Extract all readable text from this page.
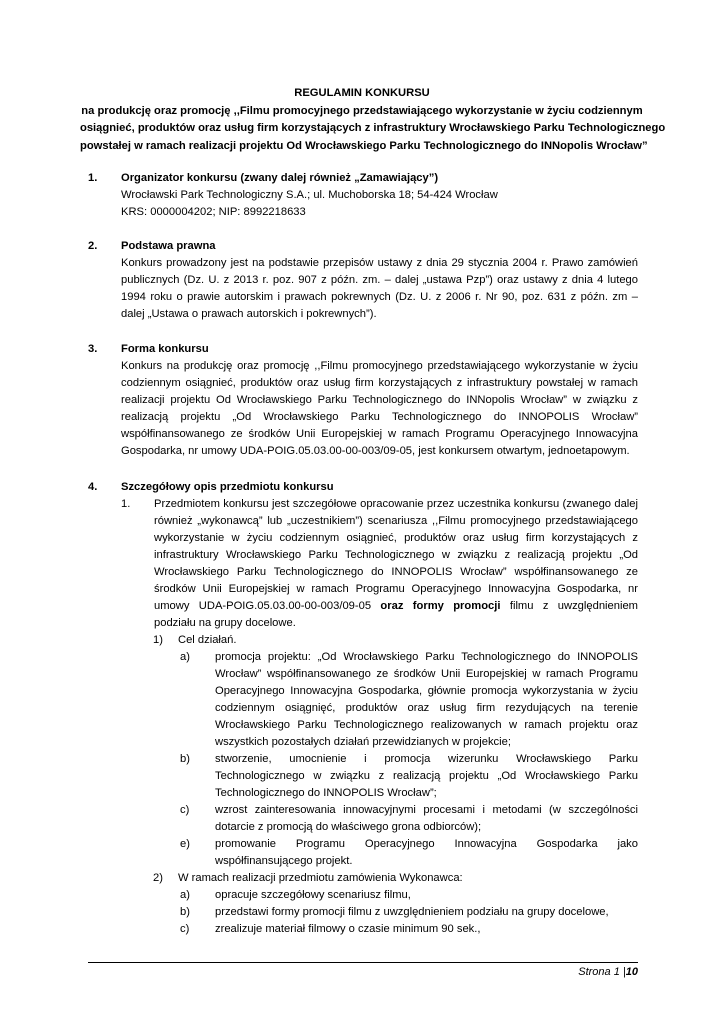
REGULAMIN KONKURSU
na produkcję oraz promocję ,,Filmu promocyjnego przedstawiającego wykorzystanie w życiu codziennym
osiągnieć, produktów oraz usług firm korzystających z infrastruktury Wrocławskiego Parku Technologicznego
powstałej w ramach realizacji projektu Od Wrocławskiego Parku Technologicznego do INNopolis Wrocław”
1.	Organizator konkursu (zwany dalej również „Zamawiający”)
Wrocławski Park Technologiczny S.A.; ul. Muchoborska 18; 54-424 Wrocław
KRS: 0000004202; NIP: 8992218633
2.	Podstawa prawna
Konkurs prowadzony jest na podstawie przepisów ustawy z dnia 29 stycznia 2004 r. Prawo zamówień publicznych (Dz. U. z 2013 r. poz. 907 z późn. zm. – dalej „ustawa Pzp”) oraz ustawy z dnia 4 lutego 1994 roku o prawie autorskim i prawach pokrewnych (Dz. U. z 2006 r. Nr 90, poz. 631 z późn. zm – dalej „Ustawa o prawach autorskich i pokrewnych”).
3.	Forma konkursu
Konkurs na produkcję oraz promocję ,,Filmu promocyjnego przedstawiającego wykorzystanie w życiu codziennym osiągnieć, produktów oraz usług firm korzystających z infrastruktury powstałej w ramach realizacji projektu Od Wrocławskiego Parku Technologicznego do INNopolis Wrocław” w związku z realizacją projektu „Od Wrocławskiego Parku Technologicznego do INNOPOLIS Wrocław” współfinansowanego ze środków Unii Europejskiej w ramach Programu Operacyjnego Innowacyjna Gospodarka, nr umowy UDA-POIG.05.03.00-00-003/09-05, jest konkursem otwartym, jednoetapowym.
4.	Szczegółowy opis przedmiotu konkursu
1.	Przedmiotem konkursu jest szczegółowe opracowanie przez uczestnika konkursu (zwanego dalej również „wykonawcą” lub „uczestnikiem”) scenariusza ,,Filmu promocyjnego przedstawiającego wykorzystanie w życiu codziennym osiągnieć, produktów oraz usług firm korzystających z infrastruktury Wrocławskiego Parku Technologicznego w związku z realizacją projektu „Od Wrocławskiego Parku Technologicznego do INNOPOLIS Wrocław” współfinansowanego ze środków Unii Europejskiej w ramach Programu Operacyjnego Innowacyjna Gospodarka, nr umowy UDA-POIG.05.03.00-00-003/09-05 oraz formy promocji filmu z uwzględnieniem podziału na grupy docelowe.
1)	Cel działań.
a)	promocja projektu: „Od Wrocławskiego Parku Technologicznego do INNOPOLIS Wrocław” współfinansowanego ze środków Unii Europejskiej w ramach Programu Operacyjnego Innowacyjna Gospodarka, głównie promocja wykorzystania w życiu codziennym osiągnięć, produktów oraz usług firm rezydujących na terenie Wrocławskiego Parku Technologicznego realizowanych w ramach projektu oraz wszystkich pozostałych działań przewidzianych w projekcie;
b)	stworzenie, umocnienie i promocja wizerunku Wrocławskiego Parku Technologicznego w związku z realizacją projektu „Od Wrocławskiego Parku Technologicznego do INNOPOLIS Wrocław”;
c)	wzrost zainteresowania innowacyjnymi procesami i metodami (w szczególności dotarcie z promocją do właściwego grona odbiorców);
e)	promowanie Programu Operacyjnego Innowacyjna Gospodarka jako współfinansującego projekt.
2)	W ramach realizacji przedmiotu zamówienia Wykonawca:
a)	opracuje szczegółowy scenariusz filmu,
b)	przedstawi formy promocji filmu z uwzględnieniem podziału na grupy docelowe,
c)	zrealizuje materiał filmowy o czasie minimum 90 sek.,
Strona 1 |10
